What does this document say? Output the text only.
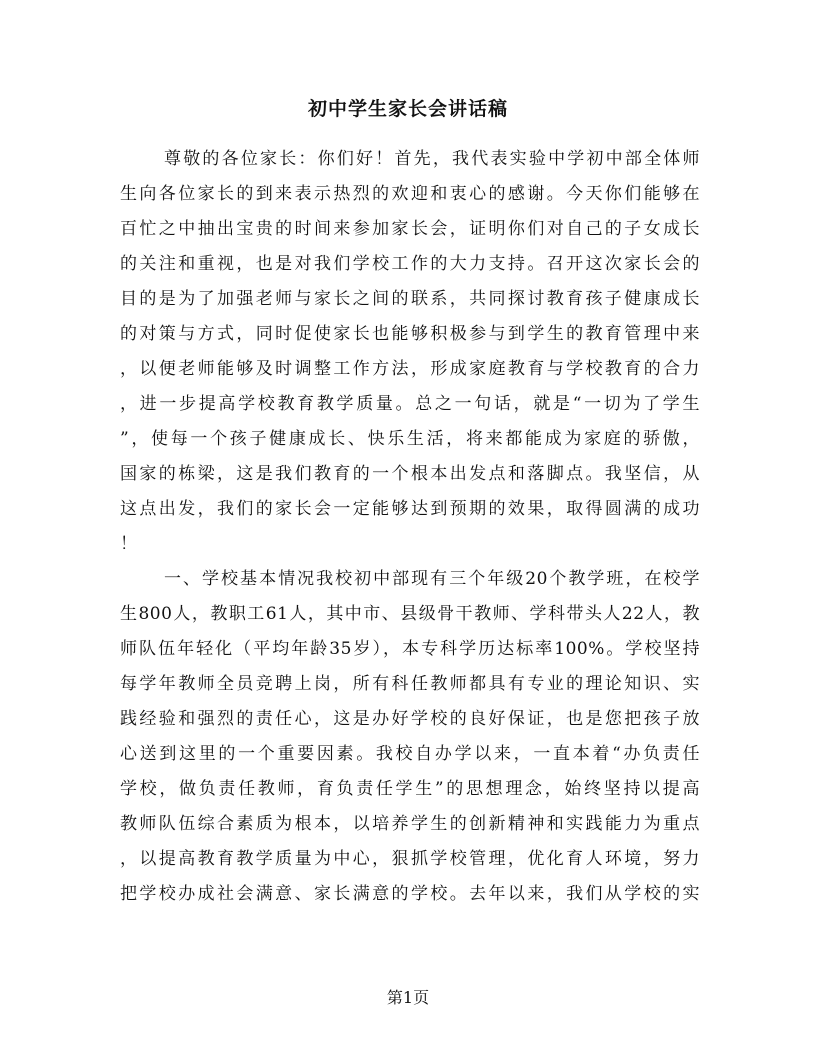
初中学生家长会讲话稿
尊敬的各位家长：你们好！首先，我代表实验中学初中部全体师
生向各位家长的到来表示热烈的欢迎和衷心的感谢。今天你们能够在
百忙之中抽出宝贵的时间来参加家长会，证明你们对自己的子女成长
的关注和重视，也是对我们学校工作的大力支持。召开这次家长会的
目的是为了加强老师与家长之间的联系，共同探讨教育孩子健康成长
的对策与方式，同时促使家长也能够积极参与到学生的教育管理中来
，以便老师能够及时调整工作方法，形成家庭教育与学校教育的合力
，进一步提高学校教育教学质量。总之一句话，就是“一切为了学生
”，使每一个孩子健康成长、快乐生活，将来都能成为家庭的骄傲，
国家的栋梁，这是我们教育的一个根本出发点和落脚点。我坚信，从
这点出发，我们的家长会一定能够达到预期的效果，取得圆满的成功
！
一、学校基本情况我校初中部现有三个年级20个教学班，在校学
生800人，教职工61人，其中市、县级骨干教师、学科带头人22人，教
师队伍年轻化（平均年龄35岁），本专科学历达标率100%。学校坚持
每学年教师全员竞聘上岗，所有科任教师都具有专业的理论知识、实
践经验和强烈的责任心，这是办好学校的良好保证，也是您把孩子放
心送到这里的一个重要因素。我校自办学以来，一直本着“办负责任
学校，做负责任教师，育负责任学生”的思想理念，始终坚持以提高
教师队伍综合素质为根本，以培养学生的创新精神和实践能力为重点
，以提高教育教学质量为中心，狠抓学校管理，优化育人环境，努力
把学校办成社会满意、家长满意的学校。去年以来，我们从学校的实

第1页
